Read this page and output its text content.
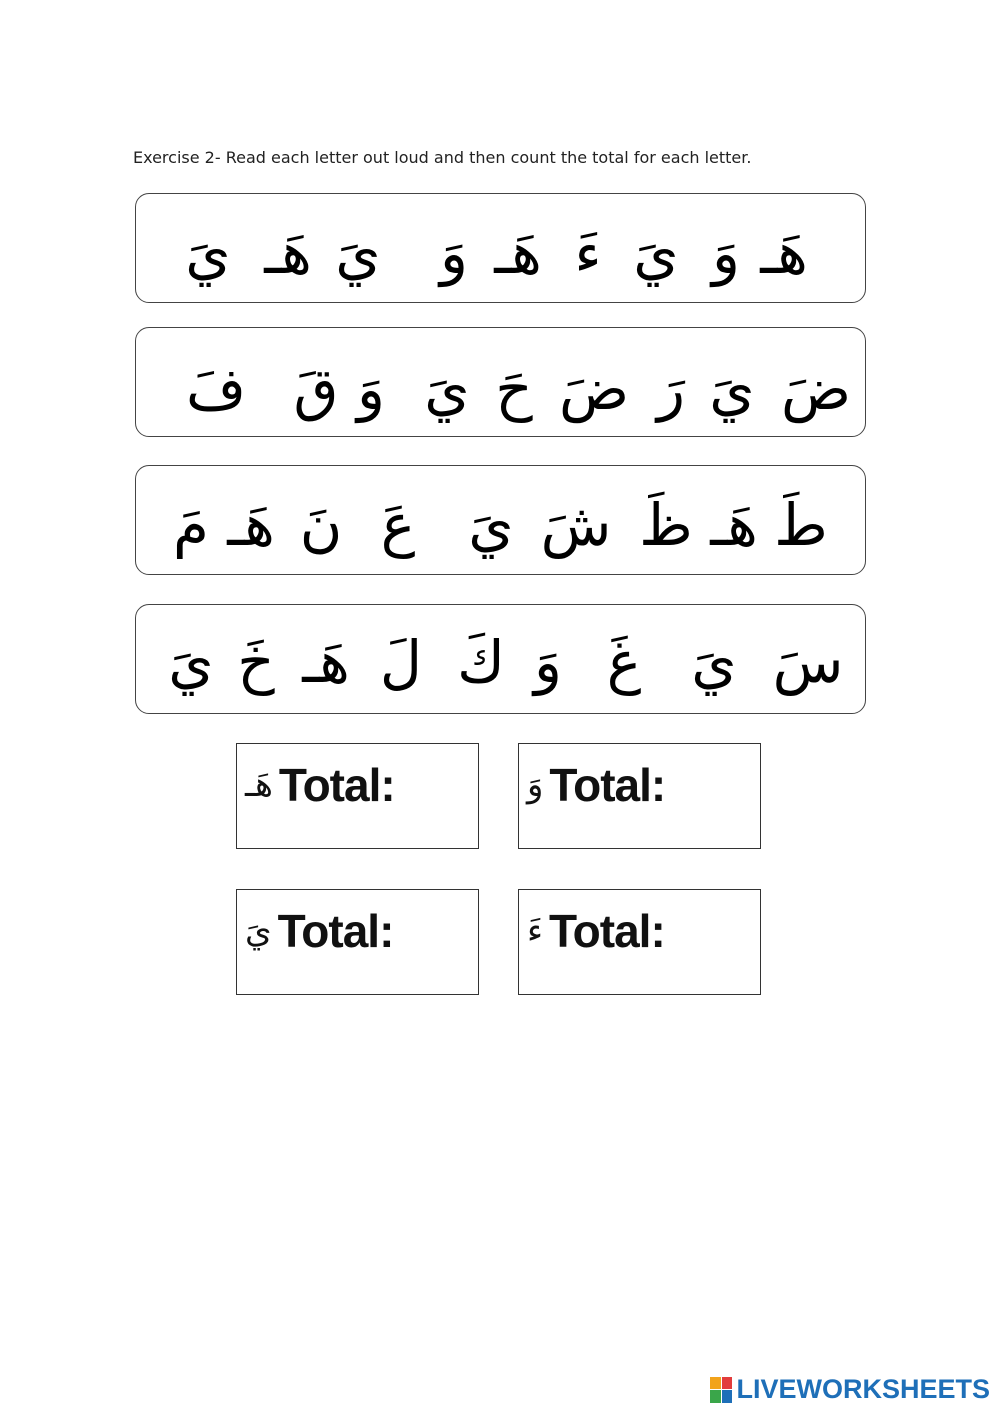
Exercise 2- Read each letter out loud and then count the total for each letter.
هَـ
وَ
يَ
ءَ
هَـ
وَ
يَ
هَـ
يَ
ضَ
يَ
رَ
ضَ
حَ
يَ
وَ
قَ
فَ
طَ
هَـ
ظَ
شَ
يَ
عَ
نَ
هَـ
مَ
سَ
يَ
غَ
وَ
كَ
لَ
هَـ
خَ
يَ
هَـ Total:	وَ Total:
يَ Total:	ءَ Total:
LIVEWORKSHEETS
